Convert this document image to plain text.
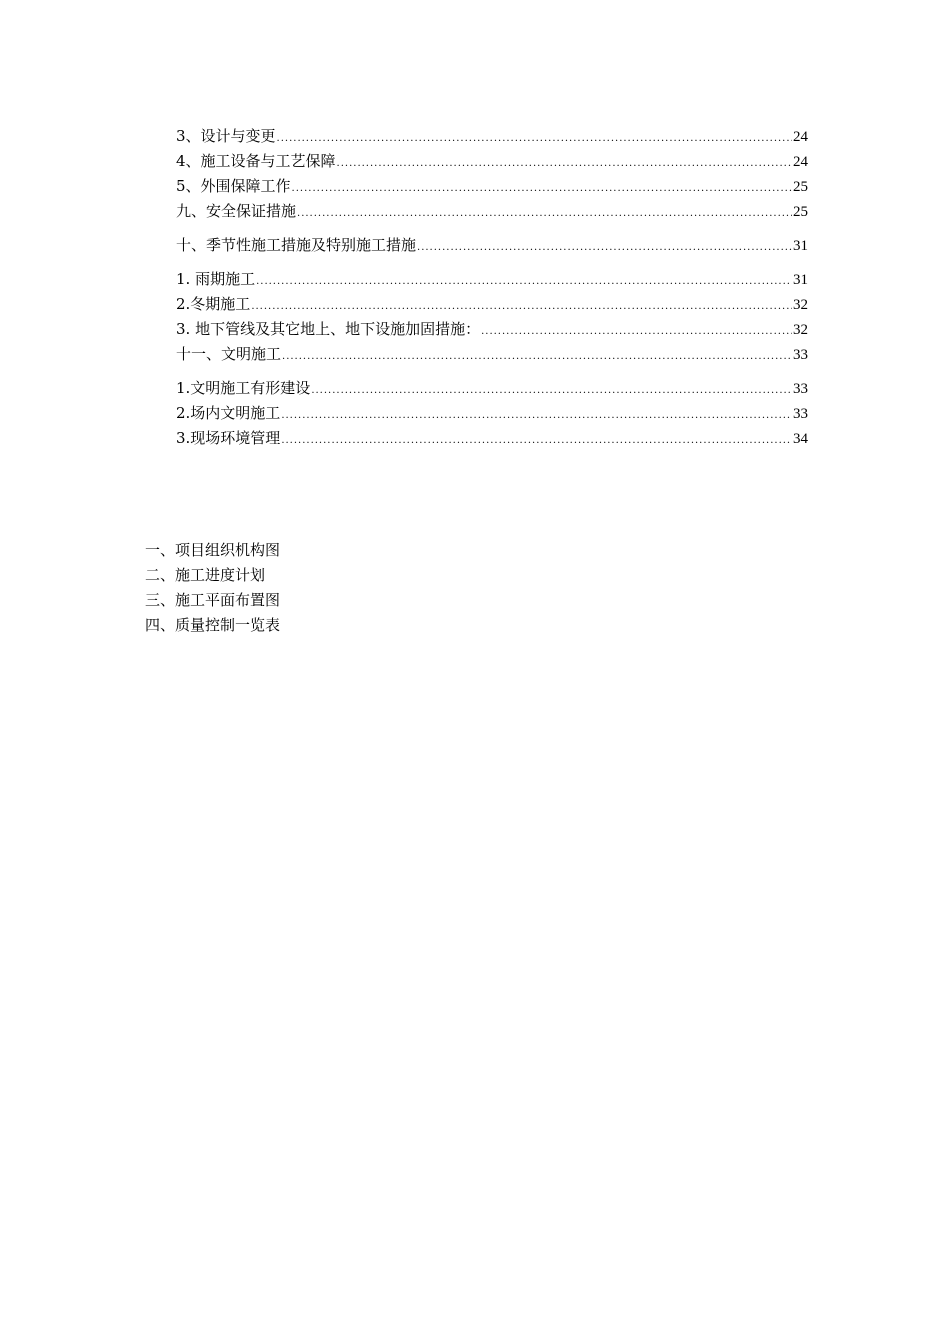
3、设计与变更 .....	24
4、施工设备与工艺保障 .....	24
5、外围保障工作 .....	25
九、安全保证措施 .....	25
十、季节性施工措施及特别施工措施 .....	31
1. 雨期施工 .....	31
2.冬期施工 .....	32
3. 地下管线及其它地上、地下设施加固措施： .....	32
十一、文明施工 .....	33
1.文明施工有形建设 .....	33
2.场内文明施工 .....	33
3.现场环境管理 .....	34
一、项目组织机构图
二、施工进度计划
三、施工平面布置图
四、质量控制一览表
